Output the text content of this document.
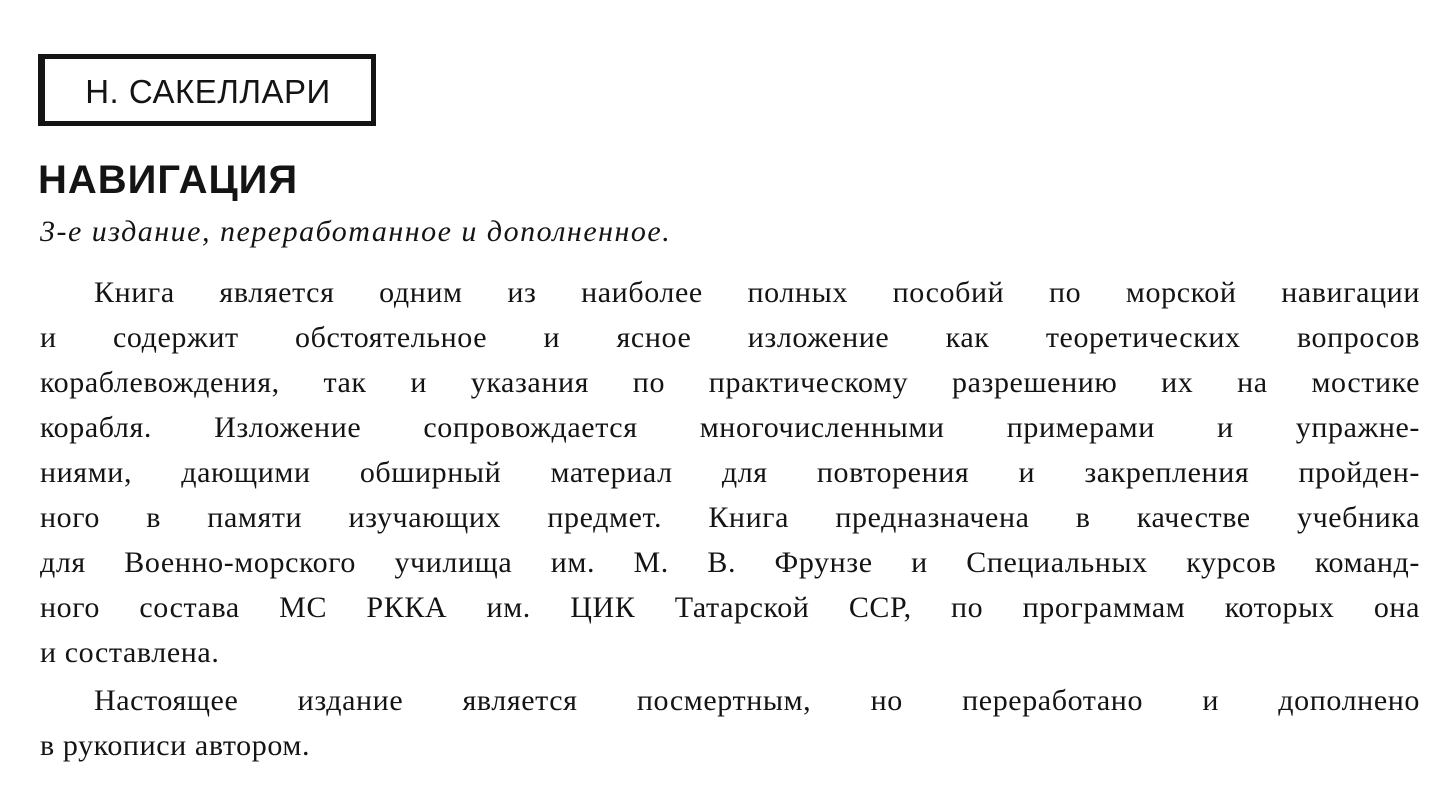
Н. САКЕЛЛАРИ
НАВИГАЦИЯ

3-е издание, переработанное и дополненное.

Книга является одним из наиболее полных пособий по морской навигации
и содержит обстоятельное и ясное изложение как теоретических вопросов
кораблевождения, так и указания по практическому разрешению их на мостике
корабля. Изложение сопровождается многочисленными примерами и упражне-
ниями, дающими обширный материал для повторения и закрепления пройден-
ного в памяти изучающих предмет. Книга предназначена в качестве учебника
для Военно-морского училища им. М. В. Фрунзе и Специальных курсов команд-
ного состава МС РККА им. ЦИК Татарской ССР, по программам которых она
и составлена.
Настоящее издание является посмертным, но переработано и дополнено
в рукописи автором.
